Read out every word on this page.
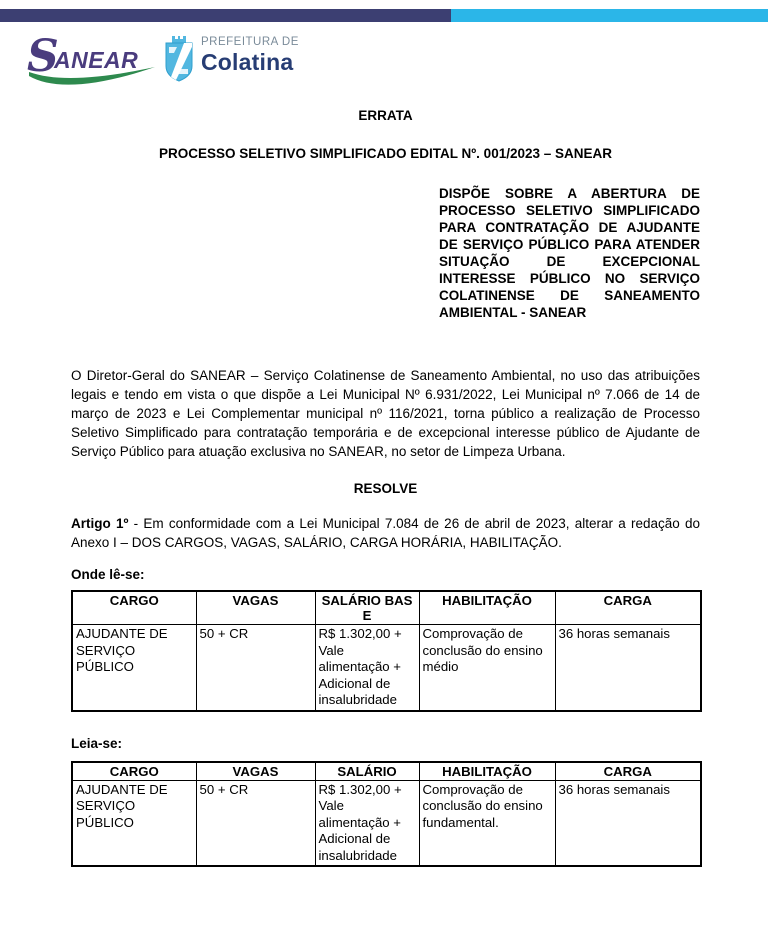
S
ANEAR
PREFEITURA DE
Colatina
ERRATA
PROCESSO SELETIVO SIMPLIFICADO EDITAL Nº. 001/2023 – SANEAR
DISPÕE SOBRE A ABERTURA DE PROCESSO SELETIVO SIMPLIFICADO PARA CONTRATAÇÃO DE AJUDANTE DE SERVIÇO PÚBLICO PARA ATENDER SITUAÇÃO DE EXCEPCIONAL INTERESSE PÚBLICO NO SERVIÇO COLATINENSE DE SANEAMENTO AMBIENTAL - SANEAR
O Diretor-Geral do SANEAR – Serviço Colatinense de Saneamento Ambiental, no uso das atribuições legais e tendo em vista o que dispõe a Lei Municipal Nº 6.931/2022, Lei Municipal nº 7.066 de 14 de março de 2023 e Lei Complementar municipal nº 116/2021, torna público a realização de Processo Seletivo Simplificado para contratação temporária e de excepcional interesse público de Ajudante de Serviço Público para atuação exclusiva no SANEAR, no setor de Limpeza Urbana.
RESOLVE
Artigo 1º - Em conformidade com a Lei Municipal 7.084 de 26 de abril de 2023, alterar a redação do Anexo I – DOS CARGOS, VAGAS, SALÁRIO, CARGA HORÁRIA, HABILITAÇÃO.
Onde lê-se:
CARGO	VAGAS	SALÁRIO BASE	HABILITAÇÃO	CARGA
AJUDANTE DE SERVIÇO PÚBLICO	50 + CR	R$ 1.302,00 + Vale alimentação + Adicional de insalubridade	Comprovação de conclusão do ensino médio	36 horas semanais
Leia-se:
CARGO	VAGAS	SALÁRIO	HABILITAÇÃO	CARGA
AJUDANTE DE SERVIÇO PÚBLICO	50 + CR	R$ 1.302,00 + Vale alimentação + Adicional de insalubridade	Comprovação de conclusão do ensino fundamental.	36 horas semanais
